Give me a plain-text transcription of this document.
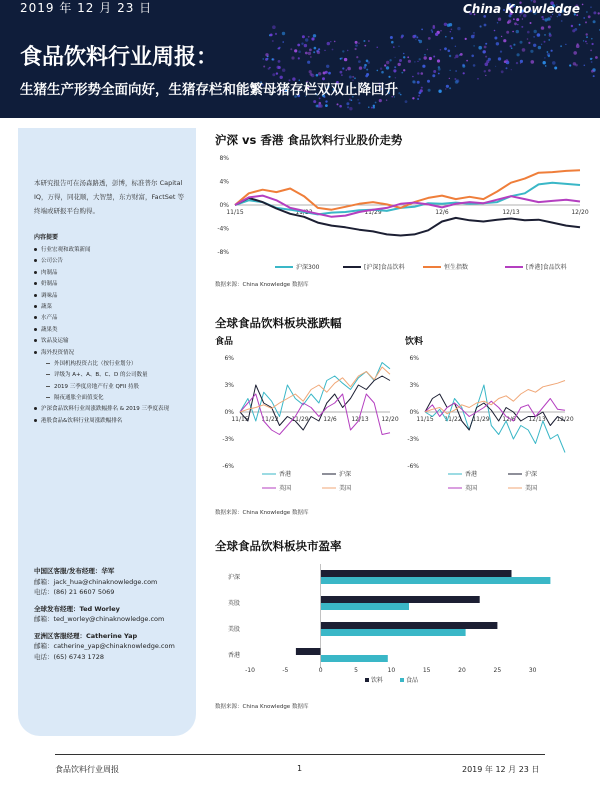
2019 年 12 月 23 日	China Knowledge
食品饮料行业周报：
生猪生产形势全面向好，生猪存栏和能繁母猪存栏双双止降回升
本研究报告可在汤森路透，彭博，标准普尔 Capital IQ，万得，同花顺，大智慧，东方财富，FactSet 等终端或研报平台购得。
内容提要
行业宏观和政策新闻
公司公告
肉制品
奶制品
调味品
蔬菜
水产品
蔬果类
饮品及运输
海外投资情况
外国机构投资占比（按行业划分）
评级为 A+、A、B、C、D 的公司数量
2019 三季度房地产行业 QFII 持股
隔夜通胀全面值变化
沪深食品饮料行业周涨跌幅排名 & 2019 三季度表现
港股食品&饮料行业周涨跌幅排名
中国区客服/发布经理：华军
邮箱：jack_hua@chinaknowledge.com
电话：(86) 21 6607 5069
全球发布经理：Ted Worley
邮箱：ted_worley@chinaknowledge.com
亚洲区客服经理：Catherine Yap
邮箱：catherine_yap@chinaknowledge.com
电话：(65) 6743 1728
沪深 vs 香港 食品饮料行业股价走势
8%
4%
0%
-4%
-8%
11/15	11/22	11/29	12/6	12/13	12/20
沪深300	[沪深]食品饮料	恒生指数	[香港]食品饮料
数据来源：China Knowledge 数据库
全球食品饮料板块涨跌幅
食品	饮料
6%
3%
0%
-3%
-6%
11/15 11/22 11/29 12/6 12/13 12/20
香港	沪深
英国	美国
6%
3%
0%
-3%
-6%
11/15 11/22 11/29 12/6 12/13 12/20
香港	沪深
英国	美国
数据来源：China Knowledge 数据库
全球食品饮料板块市盈率
沪深
英股
美股
香港
-10	-5	0	5	10	15	20	25	30
饮料	食品
数据来源：China Knowledge 数据库
食品饮料行业周报	1	2019 年 12 月 23 日
